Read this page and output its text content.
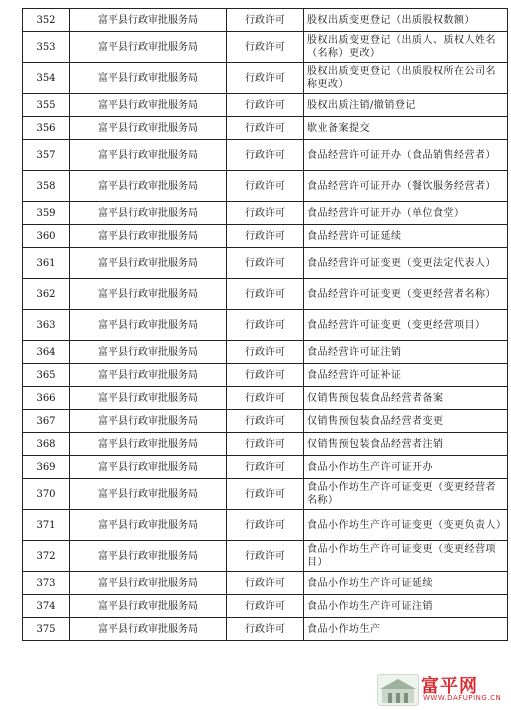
352	富平县行政审批服务局	行政许可	股权出质变更登记（出质股权数额）
353	富平县行政审批服务局	行政许可	股权出质变更登记（出质人、质权人姓名（名称）更改）
354	富平县行政审批服务局	行政许可	股权出质变更登记（出质股权所在公司名称更改）
355	富平县行政审批服务局	行政许可	股权出质注销/撤销登记
356	富平县行政审批服务局	行政许可	歇业备案提交
357	富平县行政审批服务局	行政许可	食品经营许可证开办（食品销售经营者）
358	富平县行政审批服务局	行政许可	食品经营许可证开办（餐饮服务经营者）
359	富平县行政审批服务局	行政许可	食品经营许可证开办（单位食堂）
360	富平县行政审批服务局	行政许可	食品经营许可证延续
361	富平县行政审批服务局	行政许可	食品经营许可证变更（变更法定代表人）
362	富平县行政审批服务局	行政许可	食品经营许可证变更（变更经营者名称）
363	富平县行政审批服务局	行政许可	食品经营许可证变更（变更经营项目）
364	富平县行政审批服务局	行政许可	食品经营许可证注销
365	富平县行政审批服务局	行政许可	食品经营许可证补证
366	富平县行政审批服务局	行政许可	仅销售预包装食品经营者备案
367	富平县行政审批服务局	行政许可	仅销售预包装食品经营者变更
368	富平县行政审批服务局	行政许可	仅销售预包装食品经营者注销
369	富平县行政审批服务局	行政许可	食品小作坊生产许可证开办
370	富平县行政审批服务局	行政许可	食品小作坊生产许可证变更（变更经营者名称）
371	富平县行政审批服务局	行政许可	食品小作坊生产许可证变更（变更负责人）
372	富平县行政审批服务局	行政许可	食品小作坊生产许可证变更（变更经营项目）
373	富平县行政审批服务局	行政许可	食品小作坊生产许可证延续
374	富平县行政审批服务局	行政许可	食品小作坊生产许可证注销
375	富平县行政审批服务局	行政许可	食品小作坊生产
富平网
WWW.DAFUPING.CN
